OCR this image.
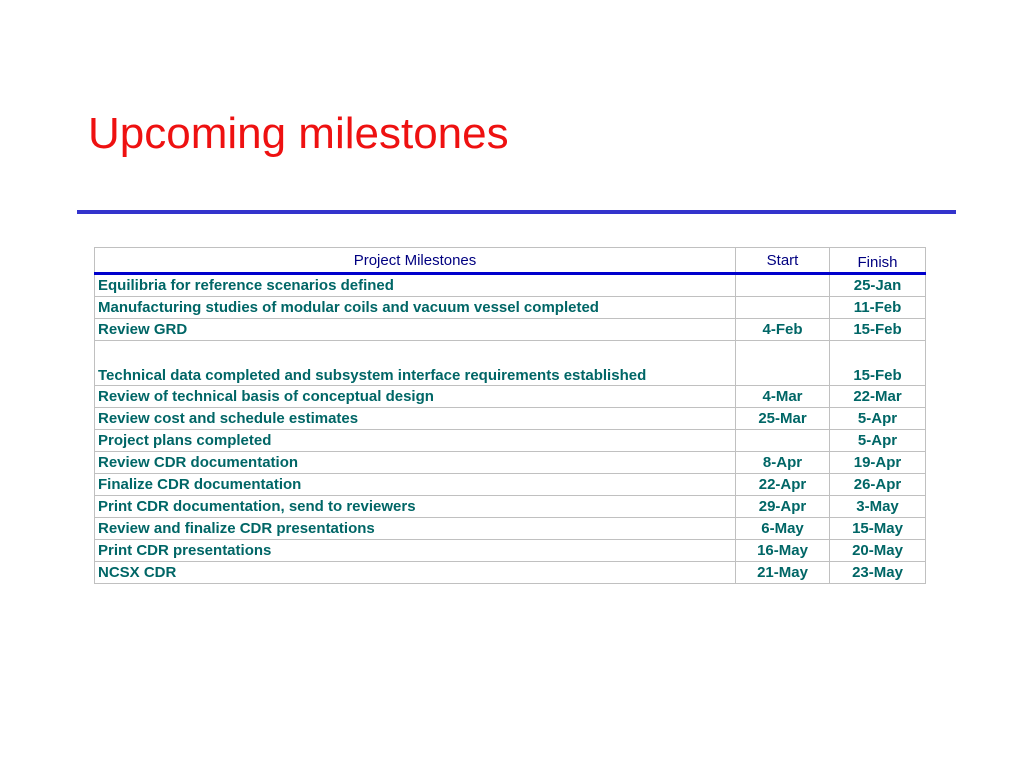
Upcoming milestones
Project Milestones	Start	Finish
Equilibria for reference scenarios defined		25-Jan
Manufacturing studies of modular coils and vacuum vessel completed		11-Feb
Review GRD	4-Feb	15-Feb
Technical data completed and subsystem interface requirements established		15-Feb
Review of technical basis of conceptual design	4-Mar	22-Mar
Review cost and schedule estimates	25-Mar	5-Apr
Project plans completed		5-Apr
Review CDR documentation	8-Apr	19-Apr
Finalize CDR documentation	22-Apr	26-Apr
Print CDR documentation, send to reviewers	29-Apr	3-May
Review and finalize CDR presentations	6-May	15-May
Print CDR presentations	16-May	20-May
NCSX CDR	21-May	23-May
